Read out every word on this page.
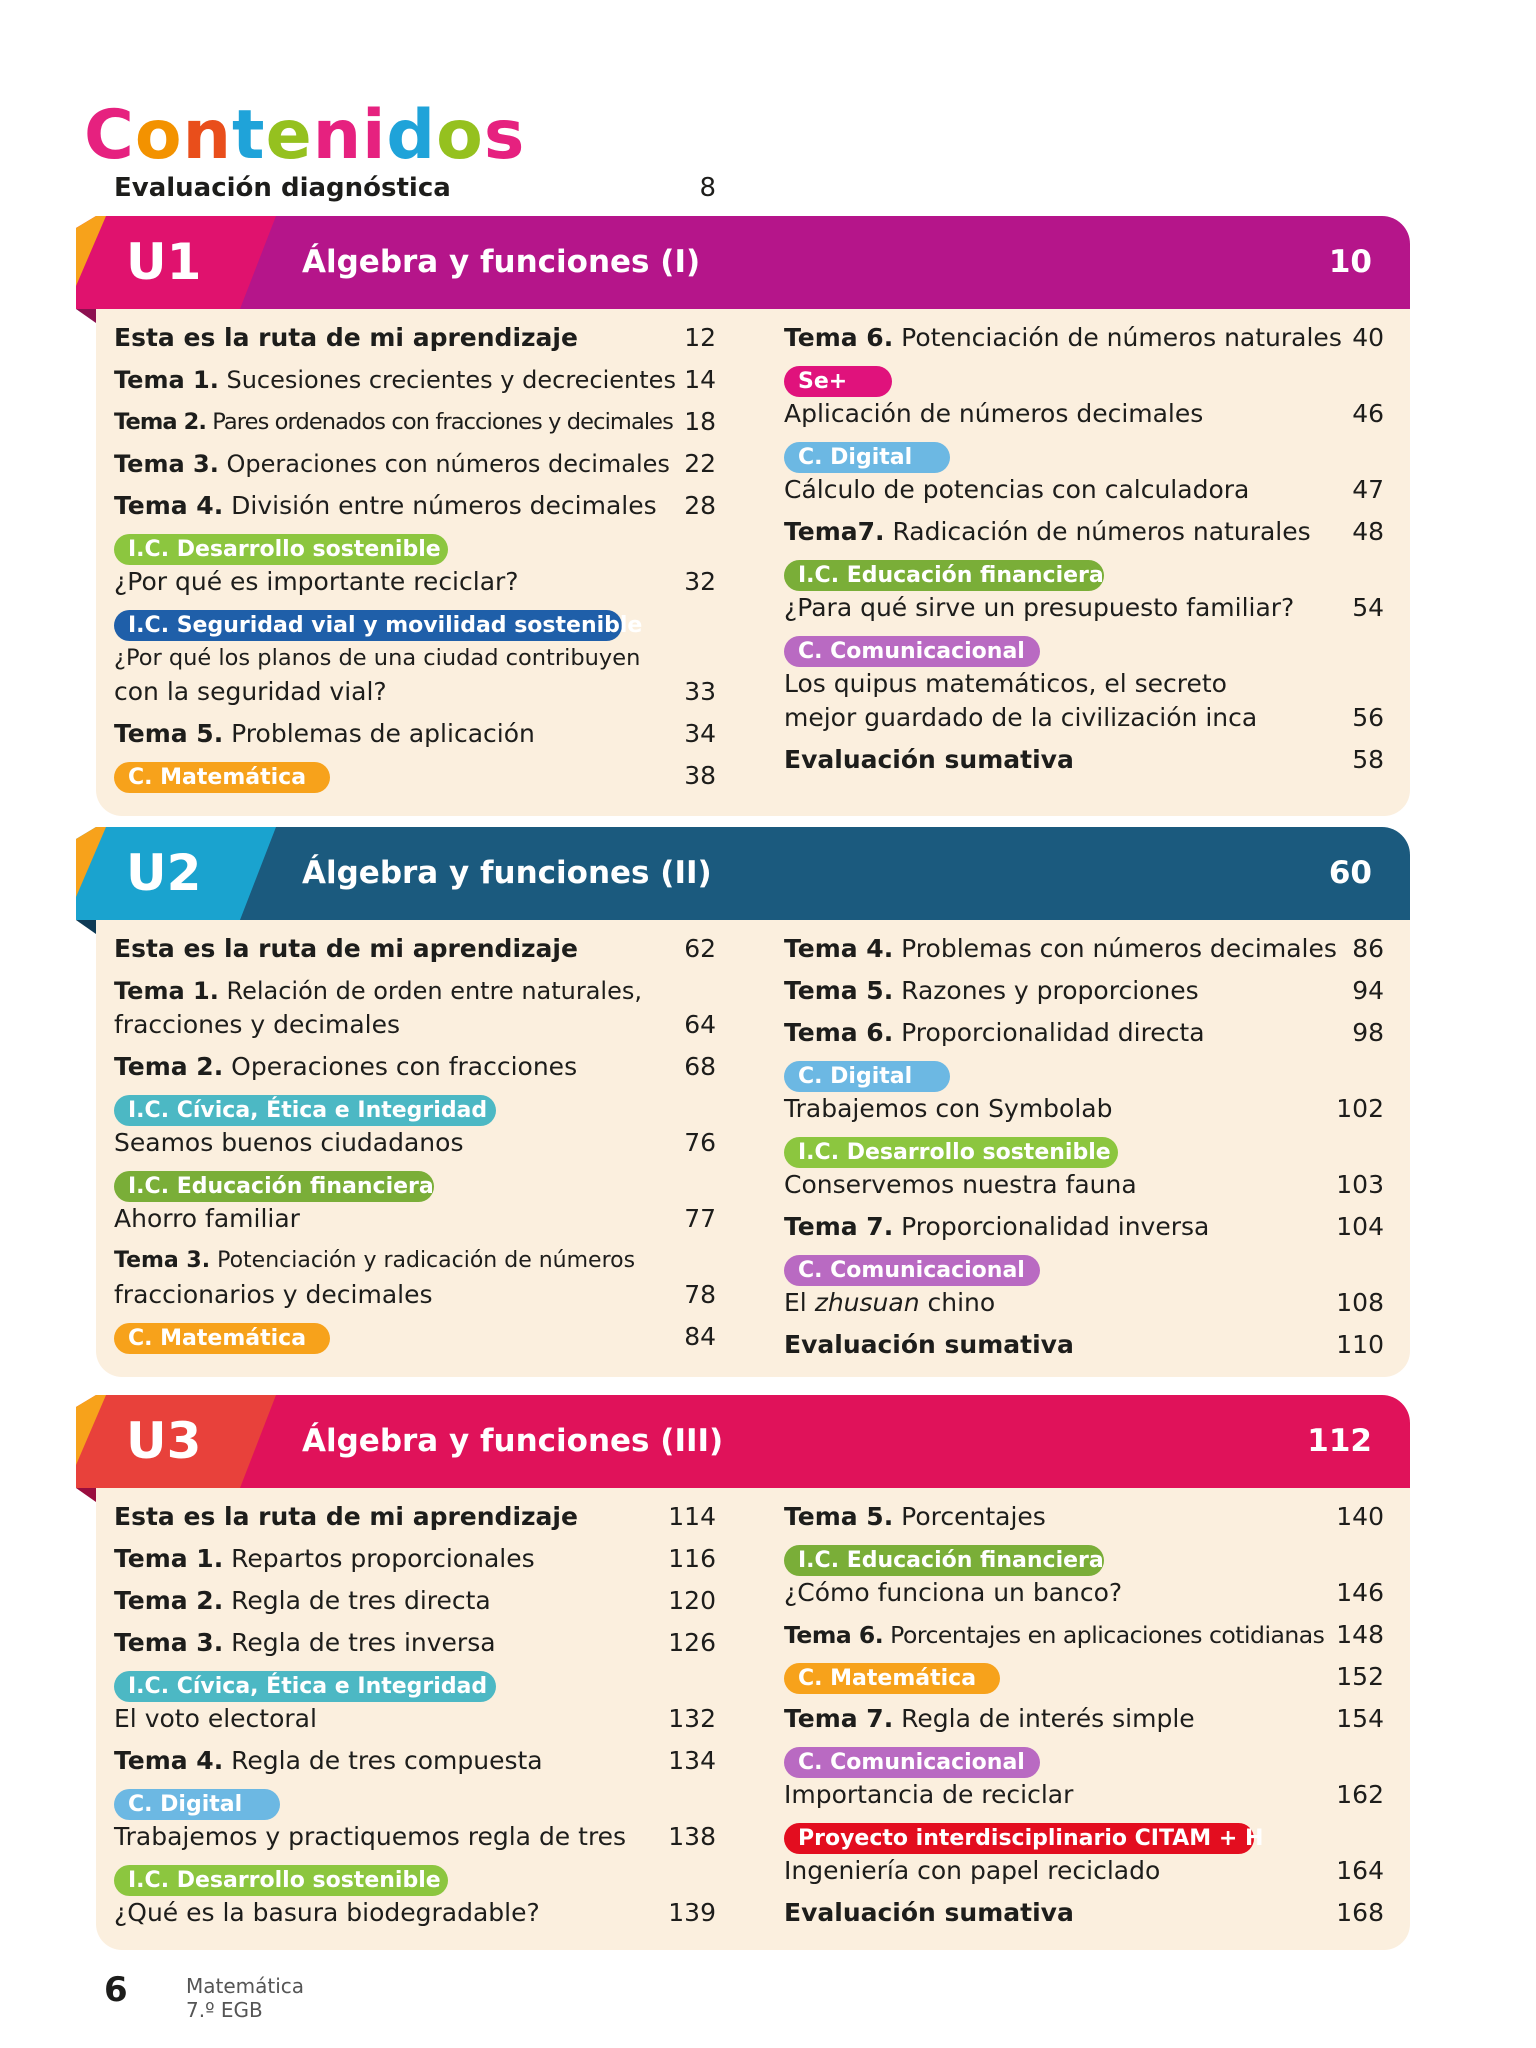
Contenidos
Evaluación diagnóstica	8
Esta es la ruta de mi aprendizaje	12
Tema 1. Sucesiones crecientes y decrecientes 14
Tema 2. Pares ordenados con fracciones y decimales 18
Tema 3. Operaciones con números decimales 22
Tema 4. División entre números decimales 28
I.C. Desarrollo sostenible
¿Por qué es importante reciclar?	32
I.C. Seguridad vial y movilidad sostenible
¿Por qué los planos de una ciudad contribuyen
con la seguridad vial?	33
Tema 5. Problemas de aplicación	34
C. Matemática	38
Tema 6. Potenciación de números naturales 40
Se+
Aplicación de números decimales	46
C. Digital
Cálculo de potencias con calculadora	47
Tema7. Radicación de números naturales 48
I.C. Educación financiera
¿Para qué sirve un presupuesto familiar? 54
C. Comunicacional
Los quipus matemáticos, el secreto
mejor guardado de la civilización inca	56
Evaluación sumativa	58
U1	Álgebra y funciones (I)	10
Esta es la ruta de mi aprendizaje	62
Tema 1. Relación de orden entre naturales,
fracciones y decimales	64
Tema 2. Operaciones con fracciones	68
I.C. Cívica, Ética e Integridad
Seamos buenos ciudadanos	76
I.C. Educación financiera
Ahorro familiar	77
Tema 3. Potenciación y radicación de números
fraccionarios y decimales	78
C. Matemática	84
Tema 4. Problemas con números decimales 86
Tema 5. Razones y proporciones	94
Tema 6. Proporcionalidad directa	98
C. Digital
Trabajemos con Symbolab	102
I.C. Desarrollo sostenible
Conservemos nuestra fauna	103
Tema 7. Proporcionalidad inversa	104
C. Comunicacional
El zhusuan chino	108
Evaluación sumativa	110
U2	Álgebra y funciones (II)	60
Esta es la ruta de mi aprendizaje	114
Tema 1. Repartos proporcionales	116
Tema 2. Regla de tres directa	120
Tema 3. Regla de tres inversa	126
I.C. Cívica, Ética e Integridad
El voto electoral	132
Tema 4. Regla de tres compuesta	134
C. Digital
Trabajemos y practiquemos regla de tres 138
I.C. Desarrollo sostenible
¿Qué es la basura biodegradable?	139
Tema 5. Porcentajes	140
I.C. Educación financiera
¿Cómo funciona un banco?	146
Tema 6. Porcentajes en aplicaciones cotidianas 148
C. Matemática	152
Tema 7. Regla de interés simple	154
C. Comunicacional
Importancia de reciclar	162
Proyecto interdisciplinario CITAM + H
Ingeniería con papel reciclado	164
Evaluación sumativa	168
U3	Álgebra y funciones (III)	112
6	Matemática
7.º EGB
